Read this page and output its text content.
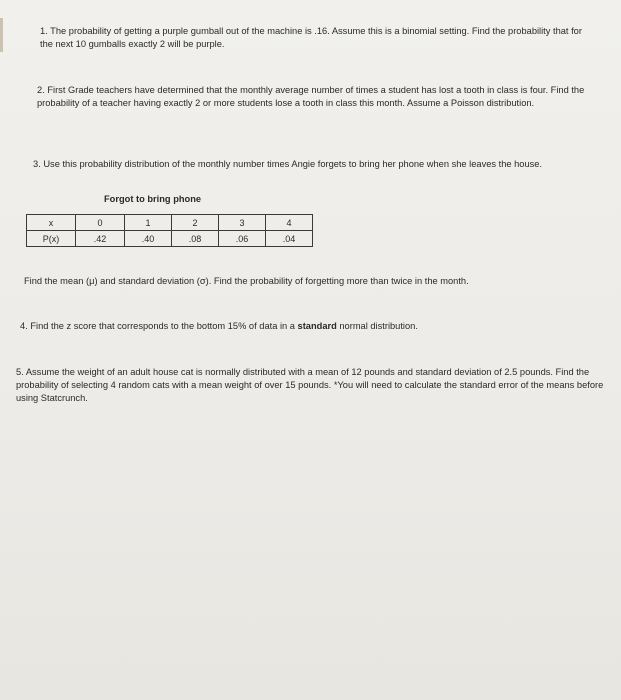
1. The probability of getting a purple gumball out of the machine is .16. Assume this is a binomial setting. Find the probability that for the next 10 gumballs exactly 2 will be purple.

2. First Grade teachers have determined that the monthly average number of times a student has lost a tooth in class is four. Find the probability of a teacher having exactly 2 or more students lose a tooth in class this month. Assume a Poisson distribution.

3. Use this probability distribution of the monthly number times Angie forgets to bring her phone when she leaves the house.

Forgot to bring phone
x	0	1	2	3	4
P(x)	.42	.40	.08	.06	.04

Find the mean (μ) and standard deviation (σ). Find the probability of forgetting more than twice in the month.

4. Find the z score that corresponds to the bottom 15% of data in a standard normal distribution.

5. Assume the weight of an adult house cat is normally distributed with a mean of 12 pounds and standard deviation of 2.5 pounds. Find the probability of selecting 4 random cats with a mean weight of over 15 pounds. *You will need to calculate the standard error of the means before using Statcrunch.
